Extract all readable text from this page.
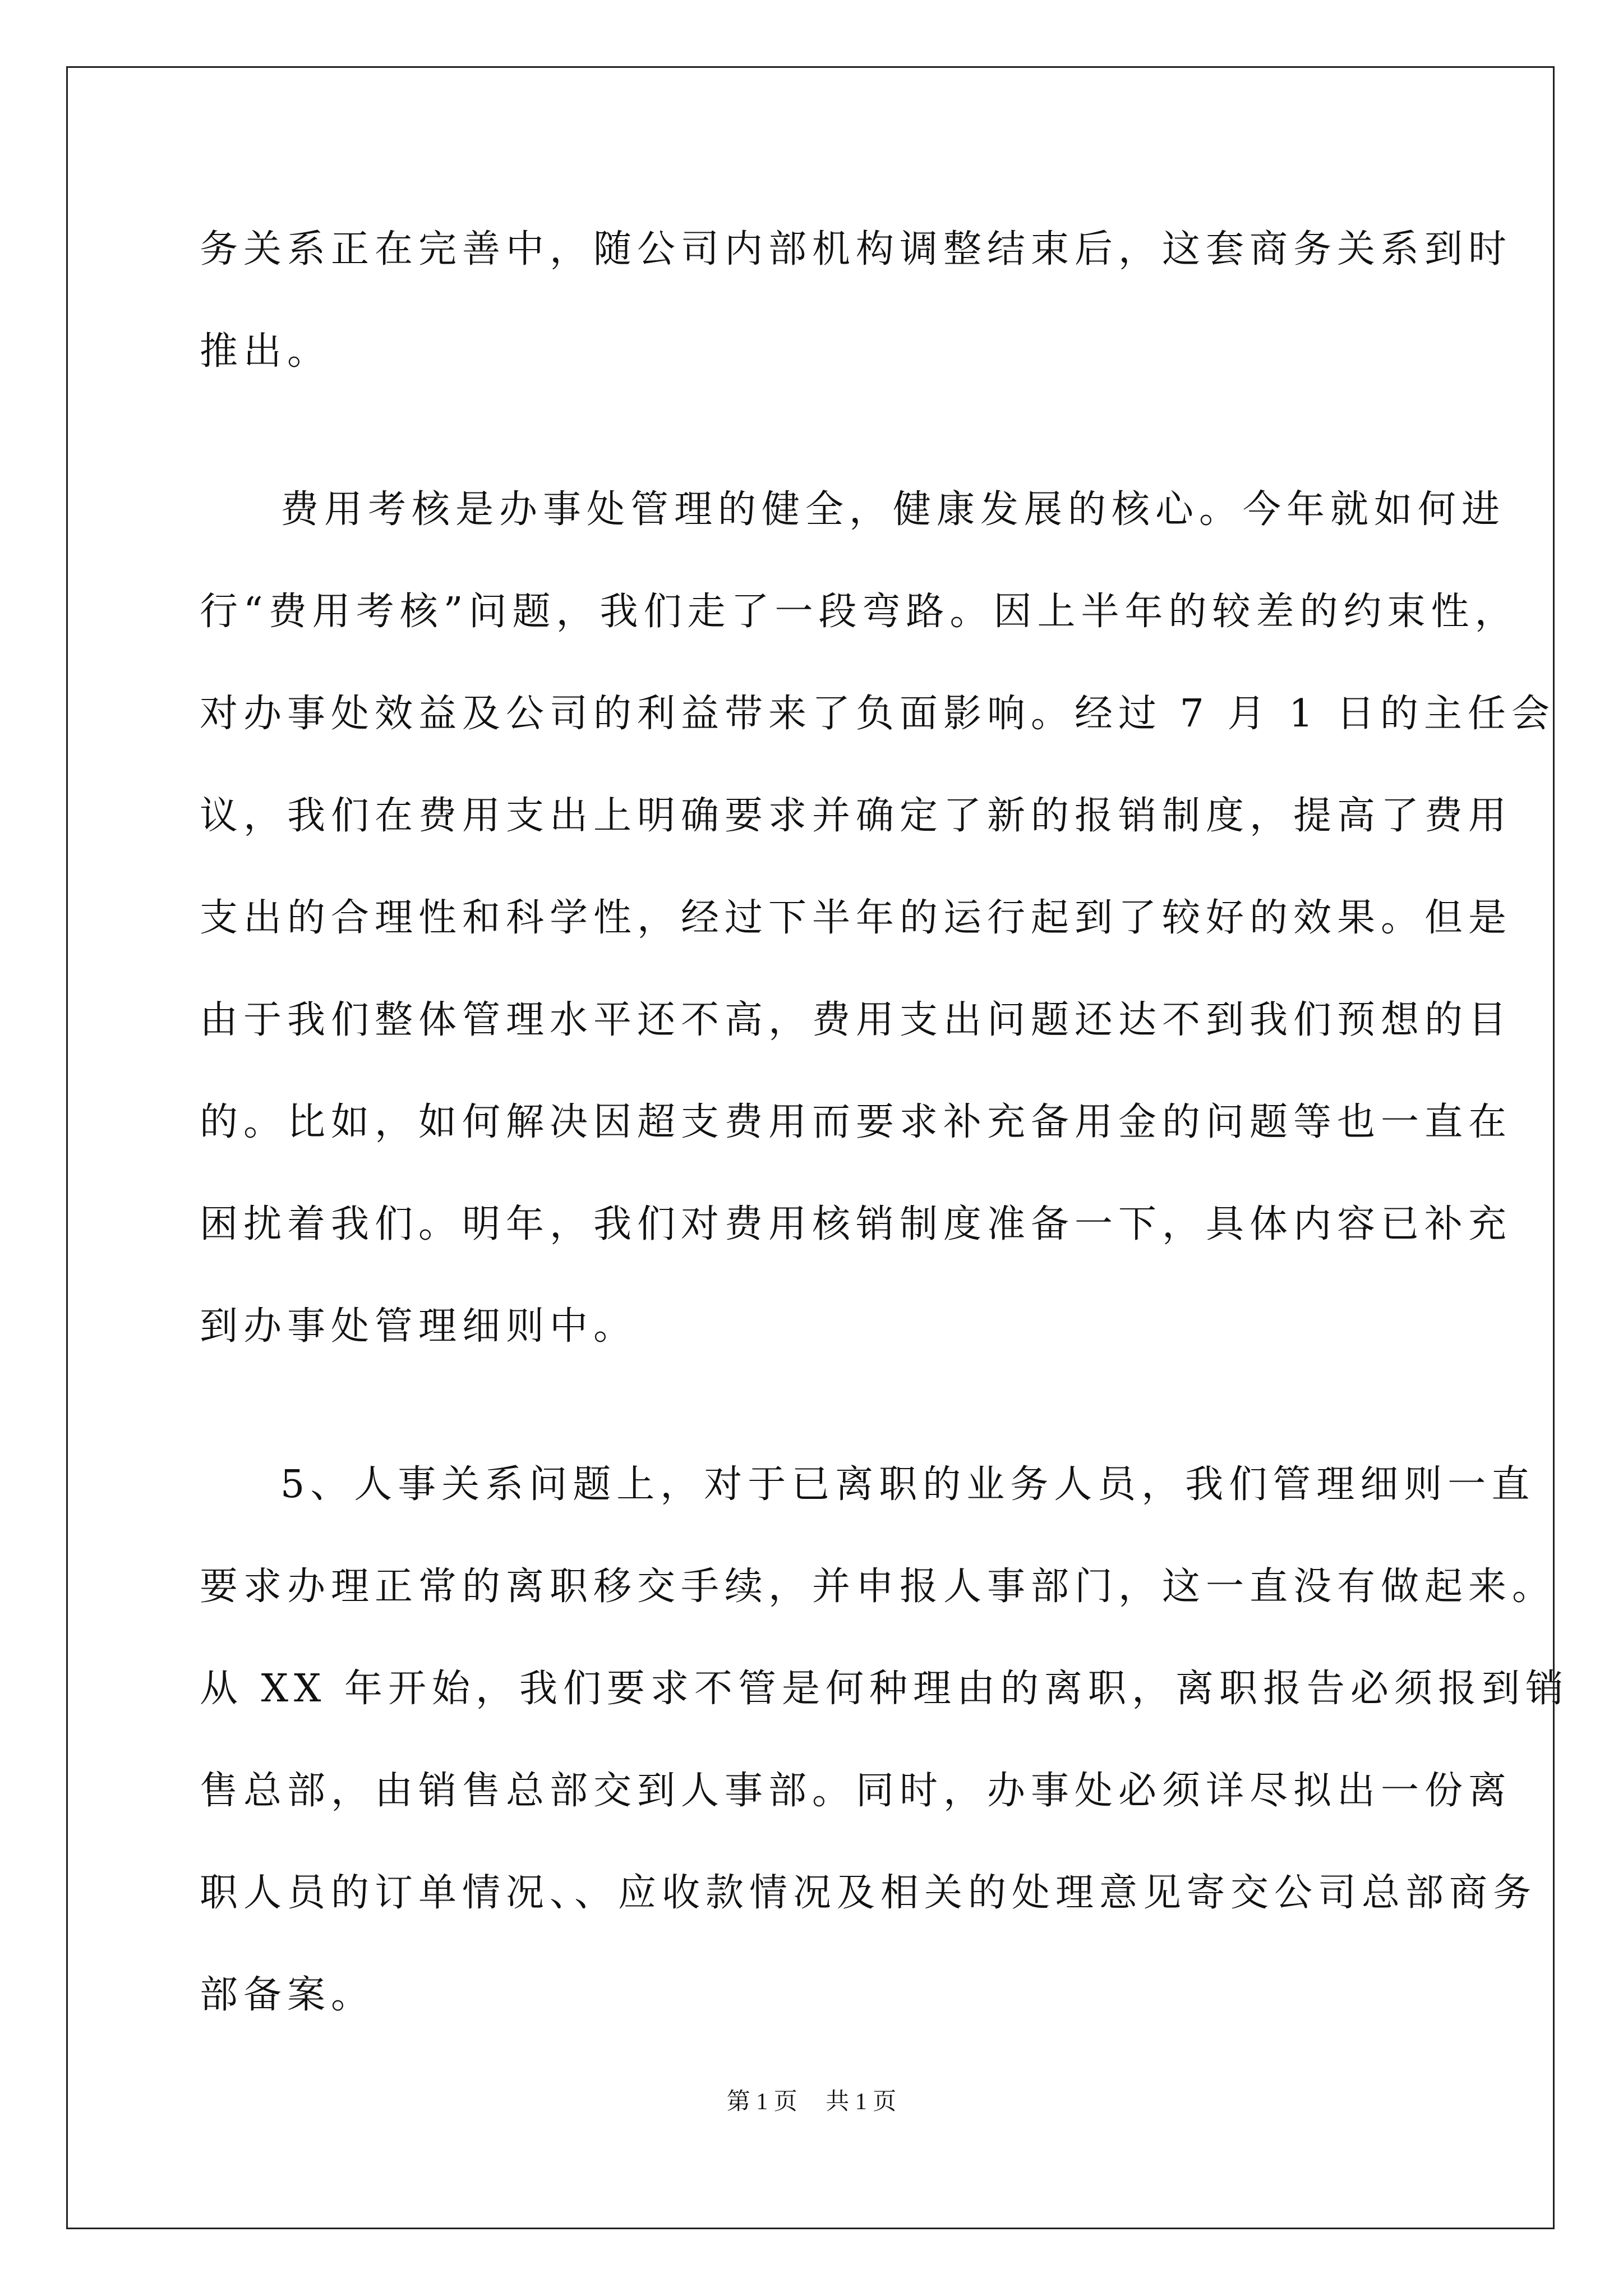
务关系正在完善中，随公司内部机构调整结束后，这套商务关系到时
推出。
费用考核是办事处管理的健全，健康发展的核心。今年就如何进
行“费用考核”问题，我们走了一段弯路。因上半年的较差的约束性，
对办事处效益及公司的利益带来了负面影响。经过 7 月 1 日的主任会
议，我们在费用支出上明确要求并确定了新的报销制度，提高了费用
支出的合理性和科学性，经过下半年的运行起到了较好的效果。但是
由于我们整体管理水平还不高，费用支出问题还达不到我们预想的目
的。比如，如何解决因超支费用而要求补充备用金的问题等也一直在
困扰着我们。明年，我们对费用核销制度准备一下，具体内容已补充
到办事处管理细则中。
5、人事关系问题上，对于已离职的业务人员，我们管理细则一直
要求办理正常的离职移交手续，并申报人事部门，这一直没有做起来。
从 XX 年开始，我们要求不管是何种理由的离职，离职报告必须报到销
售总部，由销售总部交到人事部。同时，办事处必须详尽拟出一份离
职人员的订单情况、、应收款情况及相关的处理意见寄交公司总部商务
部备案。
第 1 页 共 1 页
